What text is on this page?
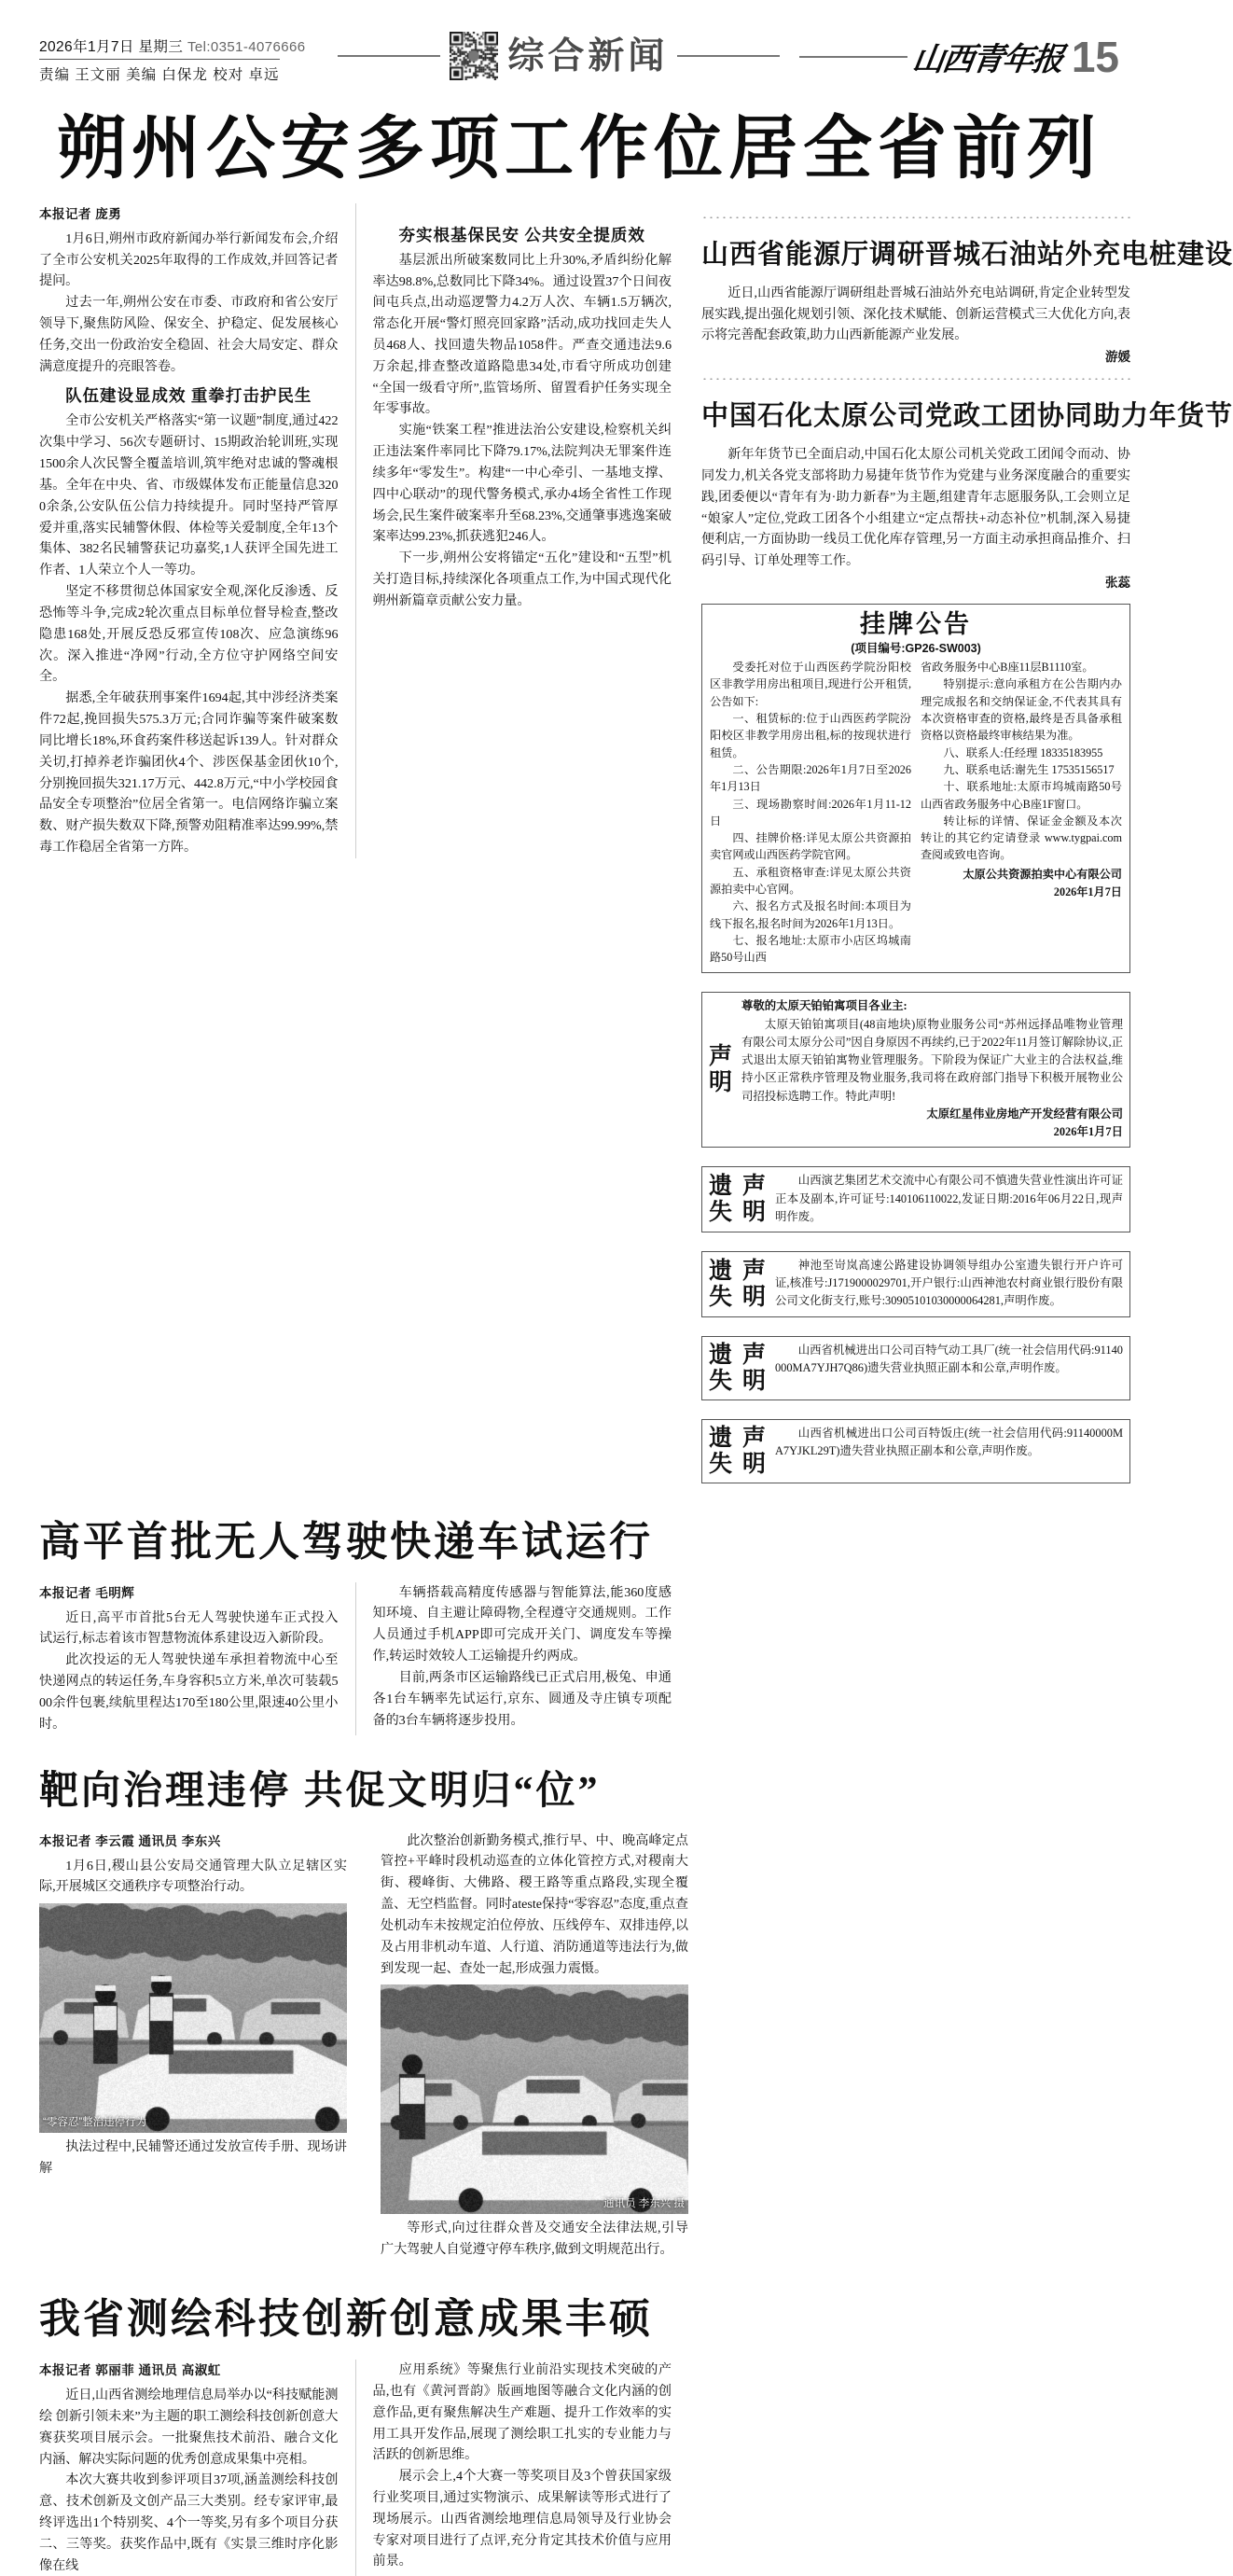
2026年1月7日 星期三 Tel:0351-4076666
责编 王文丽 美编 白保龙 校对 卓远	综合新闻	山西青年报 15
朔州公安多项工作位居全省前列
本报记者 庞勇

1月6日,朔州市政府新闻办举行新闻发布会,介绍了全市公安机关2025年取得的工作成效,并回答记者提问。

过去一年,朔州公安在市委、市政府和省公安厅领导下,聚焦防风险、保安全、护稳定、促发展核心任务,交出一份政治安全稳固、社会大局安定、群众满意度提升的亮眼答卷。

队伍建设显成效 重拳打击护民生

全市公安机关严格落实“第一议题”制度,通过422次集中学习、56次专题研讨、15期政治轮训班,实现1500余人次民警全覆盖培训,筑牢绝对忠诚的警魂根基。全年在中央、省、市级媒体发布正能量信息3200余条,公安队伍公信力持续提升。同时坚持严管厚爱并重,落实民辅警休假、体检等关爱制度,全年13个集体、382名民辅警获记功嘉奖,1人获评全国先进工作者、1人荣立个人一等功。

坚定不移贯彻总体国家安全观,深化反渗透、反恐怖等斗争,完成2轮次重点目标单位督导检查,整改隐患168处,开展反恐反邪宣传108次、应急演练96次。深入推进“净网”行动,全方位守护网络空间安全。

据悉,全年破获刑事案件1694起,其中涉经济类案件72起,挽回损失575.3万元;合同诈骗等案件破案数同比增长18%,环食药案件移送起诉139人。针对群众关切,打掉养老诈骗团伙4个、涉医保基金团伙10个,分别挽回损失321.17万元、442.8万元,“中小学校园食品安全专项整治”位居全省第一。电信网络诈骗立案数、财产损失数双下降,预警劝阻精准率达99.99%,禁毒工作稳居全省第一方阵。

夯实根基保民安 公共安全提质效

基层派出所破案数同比上升30%,矛盾纠纷化解率达98.8%,总数同比下降34%。通过设置37个日间夜间屯兵点,出动巡逻警力4.2万人次、车辆1.5万辆次,常态化开展“警灯照亮回家路”活动,成功找回走失人员468人、找回遗失物品1058件。严查交通违法9.6万余起,排查整改道路隐患34处,市看守所成功创建“全国一级看守所”,监管场所、留置看护任务实现全年零事故。

实施“铁案工程”推进法治公安建设,检察机关纠正违法案件率同比下降79.17%,法院判决无罪案件连续多年“零发生”。构建“一中心牵引、一基地支撑、四中心联动”的现代警务模式,承办4场全省性工作现场会,民生案件破案率升至68.23%,交通肇事逃逸案破案率达99.23%,抓获逃犯246人。

下一步,朔州公安将锚定“五化”建设和“五型”机关打造目标,持续深化各项重点工作,为中国式现代化朔州新篇章贡献公安力量。

山西省能源厅调研晋城石油站外充电桩建设

近日,山西省能源厅调研组赴晋城石油站外充电站调研,肯定企业转型发展实践,提出强化规划引领、深化技术赋能、创新运营模式三大优化方向,表示将完善配套政策,助力山西新能源产业发展。

游媛
中国石化太原公司党政工团协同助力年货节

新年年货节已全面启动,中国石化太原公司机关党政工团闻令而动、协同发力,机关各党支部将助力易捷年货节作为党建与业务深度融合的重要实践,团委便以“青年有为·助力新春”为主题,组建青年志愿服务队,工会则立足“娘家人”定位,党政工团各个小组建立“定点帮扶+动态补位”机制,深入易捷便利店,一方面协助一线员工优化库存管理,另一方面主动承担商品推介、扫码引导、订单处理等工作。

张蕊
挂牌公告
(项目编号:GP26-SW003)

受委托对位于山西医药学院汾阳校区非教学用房出租项目,现进行公开租赁,公告如下:

一、租赁标的:位于山西医药学院汾阳校区非教学用房出租,标的按现状进行租赁。

二、公告期限:2026年1月7日至2026年1月13日

三、现场勘察时间:2026年1月11-12日

四、挂牌价格:详见太原公共资源拍卖官网或山西医药学院官网。

五、承租资格审查:详见太原公共资源拍卖中心官网。

六、报名方式及报名时间:本项目为线下报名,报名时间为2026年1月13日。

七、报名地址:太原市小店区坞城南路50号山西

省政务服务中心B座11层B1110室。

特别提示:意向承租方在公告期内办理完成报名和交纳保证金,不代表其具有本次资格审查的资格,最终是否具备承租资格以资格最终审核结果为准。

八、联系人:任经理 18335183955

九、联系电话:谢先生 17535156517

十、联系地址:太原市坞城南路50号山西省政务服务中心B座1F窗口。

转让标的详情、保证金金额及本次转让的其它约定请登录 www.tygpai.com 查阅或致电咨询。

太原公共资源拍卖中心有限公司
2026年1月7日
声
明
尊敬的太原天铂铂寓项目各业主:
太原天铂铂寓项目(48亩地块)原物业服务公司“苏州远择品唯物业管理有限公司太原分公司”因自身原因不再续约,已于2022年11月签订解除协议,正式退出太原天铂铂寓物业管理服务。下阶段为保证广大业主的合法权益,维持小区正常秩序管理及物业服务,我司将在政府部门指导下积极开展物业公司招投标选聘工作。特此声明!
太原红星伟业房地产开发经营有限公司
2026年1月7日
遗 声
失 明
山西演艺集团艺术交流中心有限公司不慎遗失营业性演出许可证正本及副本,许可证号:140106110022,发证日期:2016年06月22日,现声明作废。
遗 声
失 明
神池至岢岚高速公路建设协调领导组办公室遗失银行开户许可证,核准号:J1719000029701,开户银行:山西神池农村商业银行股份有限公司文化街支行,账号:30905101030000064281,声明作废。
遗 声
失 明
山西省机械进出口公司百特气动工具厂(统一社会信用代码:91140000MA7YJH7Q86)遗失营业执照正副本和公章,声明作废。
遗 声
失 明
山西省机械进出口公司百特饭庄(统一社会信用代码:91140000MA7YJKL29T)遗失营业执照正副本和公章,声明作废。
高平首批无人驾驶快递车试运行
本报记者 毛明辉

近日,高平市首批5台无人驾驶快递车正式投入试运行,标志着该市智慧物流体系建设迈入新阶段。

此次投运的无人驾驶快递车承担着物流中心至快递网点的转运任务,车身容积5立方米,单次可装载500余件包裹,续航里程达170至180公里,限速40公里小时。

车辆搭载高精度传感器与智能算法,能360度感知环境、自主避让障碍物,全程遵守交通规则。工作人员通过手机APP即可完成开关门、调度发车等操作,转运时效较人工运输提升约两成。

目前,两条市区运输路线已正式启用,极兔、申通各1台车辆率先试运行,京东、圆通及寺庄镇专项配备的3台车辆将逐步投用。

靶向治理违停 共促文明归“位”
本报记者 李云霞 通讯员 李东兴

1月6日,稷山县公安局交通管理大队立足辖区实际,开展城区交通秩序专项整治行动。

“零容忍”整治违停行为

执法过程中,民辅警还通过发放宣传手册、现场讲解

此次整治创新勤务模式,推行早、中、晚高峰定点管控+平峰时段机动巡查的立体化管控方式,对稷南大街、稷峰街、大佛路、稷王路等重点路段,实现全覆盖、无空档监督。同时ateste保持“零容忍”态度,重点查处机动车未按规定泊位停放、压线停车、双排违停,以及占用非机动车道、人行道、消防通道等违法行为,做到发现一起、查处一起,形成强力震慑。

通讯员 李东兴 摄

等形式,向过往群众普及交通安全法律法规,引导广大驾驶人自觉遵守停车秩序,做到文明规范出行。

我省测绘科技创新创意成果丰硕
本报记者 郭丽菲 通讯员 高淑虹

近日,山西省测绘地理信息局举办以“科技赋能测绘 创新引领未来”为主题的职工测绘科技创新创意大赛获奖项目展示会。一批聚焦技术前沿、融合文化内涵、解决实际问题的优秀创意成果集中亮相。

本次大赛共收到参评项目37项,涵盖测绘科技创意、技术创新及文创产品三大类别。经专家评审,最终评选出1个特别奖、4个一等奖,另有多个项目分获二、三等奖。获奖作品中,既有《实景三维时序化影像在线

应用系统》等聚焦行业前沿实现技术突破的产品,也有《黄河晋韵》版画地图等融合文化内涵的创意作品,更有聚焦解决生产难题、提升工作效率的实用工具开发作品,展现了测绘职工扎实的专业能力与活跃的创新思维。

展示会上,4个大赛一等奖项目及3个曾获国家级行业奖项目,通过实物演示、成果解读等形式进行了现场展示。山西省测绘地理信息局领导及行业协会专家对项目进行了点评,充分肯定其技术价值与应用前景。
